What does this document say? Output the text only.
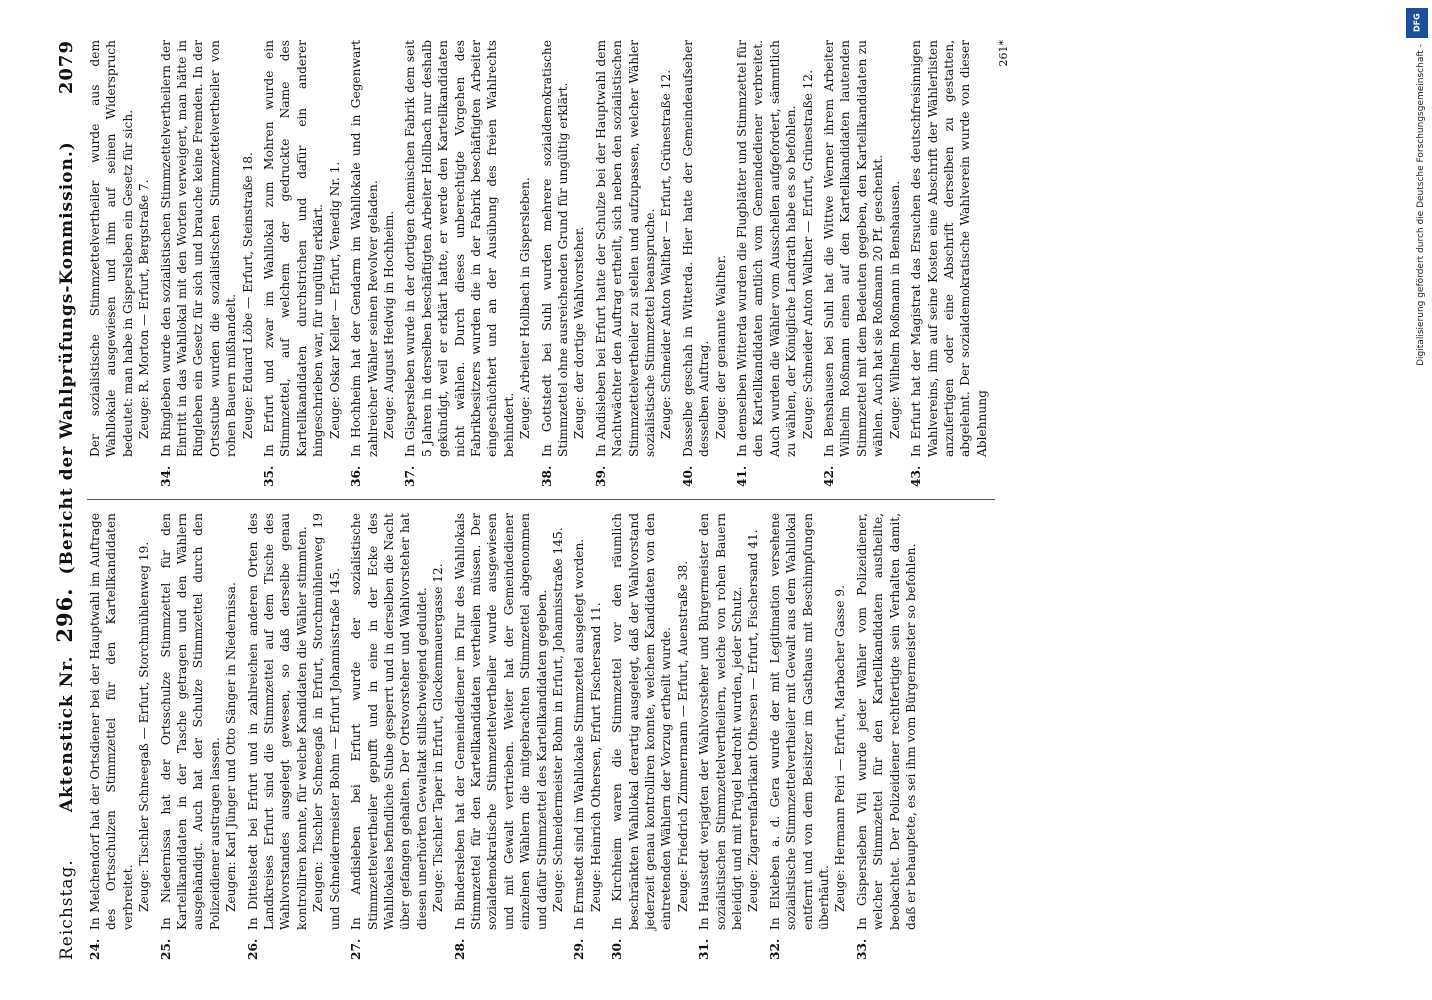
Reichstag.
Aktenstück Nr. 296. (Bericht der Wahlprüfungs-Kommission.)
2079
24.
In Melchendorf hat der Ortsdiener bei der Hauptwahl im Auftrage des Ortsschulzen Stimmzettel für den Kartellkandidaten verbreitet. Zeuge: Tischler Schneegaß — Erfurt, Storchmühlenweg 19.
25.
In Niedernissa hat der Ortsschulze Stimmzettel für den Kartellkandidaten in der Tasche getragen und den Wählern ausgehändigt. Auch hat der Schulze Stimmzettel durch den Polizeidiener austragen lassen. Zeugen: Karl Jünger und Otto Sänger in Niedernissa.
26.
In Dittelstedt bei Erfurt und in zahlreichen anderen Orten des Landkreises Erfurt sind die Stimmzettel auf dem Tische des Wahlvorstandes ausgelegt gewesen, so daß derselbe genau kontrolliren konnte, für welche Kandidaten die Wähler stimmten. Zeugen: Tischler Schneegaß in Erfurt, Storchmühlenweg 19 und Schneidermeister Bohm — Erfurt Johannisstraße 145.
27.
In Andisleben bei Erfurt wurde der sozialistische Stimmzettelvertheiler gepufft und in eine in der Ecke des Wahllokales befindliche Stube gesperrt und in derselben die Nacht über gefangen gehalten. Der Ortsvorsteher und Wahlvorsteher hat diesen unerhörten Gewaltakt stillschweigend geduldet. Zeuge: Tischler Taper in Erfurt, Glockenmauergasse 12.
28.
In Bindersleben hat der Gemeindediener im Flur des Wahllokals Stimmzettel für den Kartellkandidaten vertheilen müssen. Der sozialdemokratische Stimmzettelvertheiler wurde ausgewiesen und mit Gewalt vertrieben. Weiter hat der Gemeindediener einzelnen Wählern die mitgebrachten Stimmzettel abgenommen und dafür Stimmzettel des Kartellkandidaten gegeben. Zeuge: Schneidermeister Bohm in Erfurt, Johannisstraße 145.
29.
In Ermstedt sind im Wahllokale Stimmzettel ausgelegt worden. Zeuge: Heinrich Othersen, Erfurt Fischersand 11.
30.
In Kirchheim waren die Stimmzettel vor den räumlich beschränkten Wahllokal derartig ausgelegt, daß der Wahlvorstand jederzeit genau kontrolliren konnte, welchem Kandidaten von den eintretenden Wählern der Vorzug ertheilt wurde. Zeuge: Friedrich Zimmermann — Erfurt, Auenstraße 38.
31.
In Hausstedt verjagten der Wahlvorsteher und Bürgermeister den sozialistischen Stimmzettelvertheilern, welche von rohen Bauern beleidigt und mit Prügel bedroht wurden, jeder Schutz. Zeuge: Zigarrenfabrikant Othersen — Erfurt, Fischersand 41.
32.
In Elxleben a. d. Gera wurde der mit Legitimation versehene sozialistische Stimmzettelvertheiler mit Gewalt aus dem Wahllokal entfernt und von dem Beisitzer im Gasthaus mit Beschimpfungen überhäuft. Zeuge: Hermann Peiri — Erfurt, Marbacher Gasse 9.
33.
In Gispersleben Viti wurde jeder Wähler vom Polizeidiener, welcher Stimmzettel für den Kartellkandidaten austheilte, beobachtet. Der Polizeidiener rechtfertigte sein Verhalten damit, daß er behauptete, es sei ihm vom Bürgermeister so befohlen.
Der sozialistische Stimmzettelvertheiler wurde aus dem Wahllokale ausgewiesen und ihm auf seinen Widerspruch bedeutet: man habe in Gispersleben ein Gesetz für sich. Zeuge: R. Morton — Erfurt, Bergstraße 7.
34.
In Ringleben wurde den sozialistischen Stimmzettelvertheilern der Eintritt in das Wahllokal mit den Worten verweigert, man hätte in Ringleben ein Gesetz für sich und brauche keine Fremden. In der Ortsstube wurden die sozialistischen Stimmzettelvertheiler von rohen Bauern mißhandelt. Zeuge: Eduard Löbe — Erfurt, Steinstraße 18.
35.
In Erfurt und zwar im Wahllokal zum Mohren wurde ein Stimmzettel, auf welchem der gedruckte Name des Kartellkandidaten durchstrichen und dafür ein anderer hingeschrieben war, für ungültig erklärt. Zeuge: Oskar Keller — Erfurt, Venedig Nr. 1.
36.
In Hochheim hat der Gendarm im Wahllokale und in Gegenwart zahlreicher Wähler seinen Revolver geladen. Zeuge: August Hedwig in Hochheim.
37.
In Gispersleben wurde in der dortigen chemischen Fabrik dem seit 5 Jahren in derselben beschäftigten Arbeiter Hollbach nur deshalb gekündigt, weil er erklärt hatte, er werde den Kartellkandidaten nicht wählen. Durch dieses unberechtigte Vorgehen des Fabrikbesitzers wurden die in der Fabrik beschäftigten Arbeiter eingeschüchtert und an der Ausübung des freien Wahlrechts behindert. Zeuge: Arbeiter Hollbach in Gispersleben.
38.
In Gottstedt bei Suhl wurden mehrere sozialdemokratische Stimmzettel ohne ausreichenden Grund für ungültig erklärt. Zeuge: der dortige Wahlvorsteher.
39.
In Andisleben bei Erfurt hatte der Schulze bei der Hauptwahl dem Nachtwächter den Auftrag ertheilt, sich neben den sozialistischen Stimmzettelvertheiler zu stellen und aufzupassen, welcher Wähler sozialistische Stimmzettel beanspruche. Zeuge: Schneider Anton Walther — Erfurt, Grünestraße 12.
40.
Dasselbe geschah in Witterda. Hier hatte der Gemeindeaufseher desselben Auftrag. Zeuge: der genannte Walther.
41.
In demselben Witterda wurden die Flugblätter und Stimmzettel für den Kartellkandidaten amtlich vom Gemeindediener verbreitet. Auch wurden die Wähler vom Ausschellen aufgefordert, sämmtlich zu wählen, der Königliche Landrath habe es so befohlen. Zeuge: Schneider Anton Walther — Erfurt, Grünestraße 12.
42.
In Benshausen bei Suhl hat die Wittwe Werner ihrem Arbeiter Wilhelm Roßmann einen auf den Kartellkandidaten lautenden Stimmzettel mit dem Bedeuten gegeben, den Kartellkandidaten zu wählen. Auch hat sie Roßmann 20 Pf. geschenkt. Zeuge: Wilhelm Roßmann in Benshausen.
43.
In Erfurt hat der Magistrat das Ersuchen des deutschfreisinnigen Wahlvereins, ihm auf seine Kosten eine Abschrift der Wählerlisten anzufertigen oder eine Abschrift derselben zu gestatten, abgelehnt. Der sozialdemokratische Wahlverein wurde von dieser Ablehnung
261*
DFG
Digitalisierung gefördert durch die Deutsche Forschungsgemeinschaft -
